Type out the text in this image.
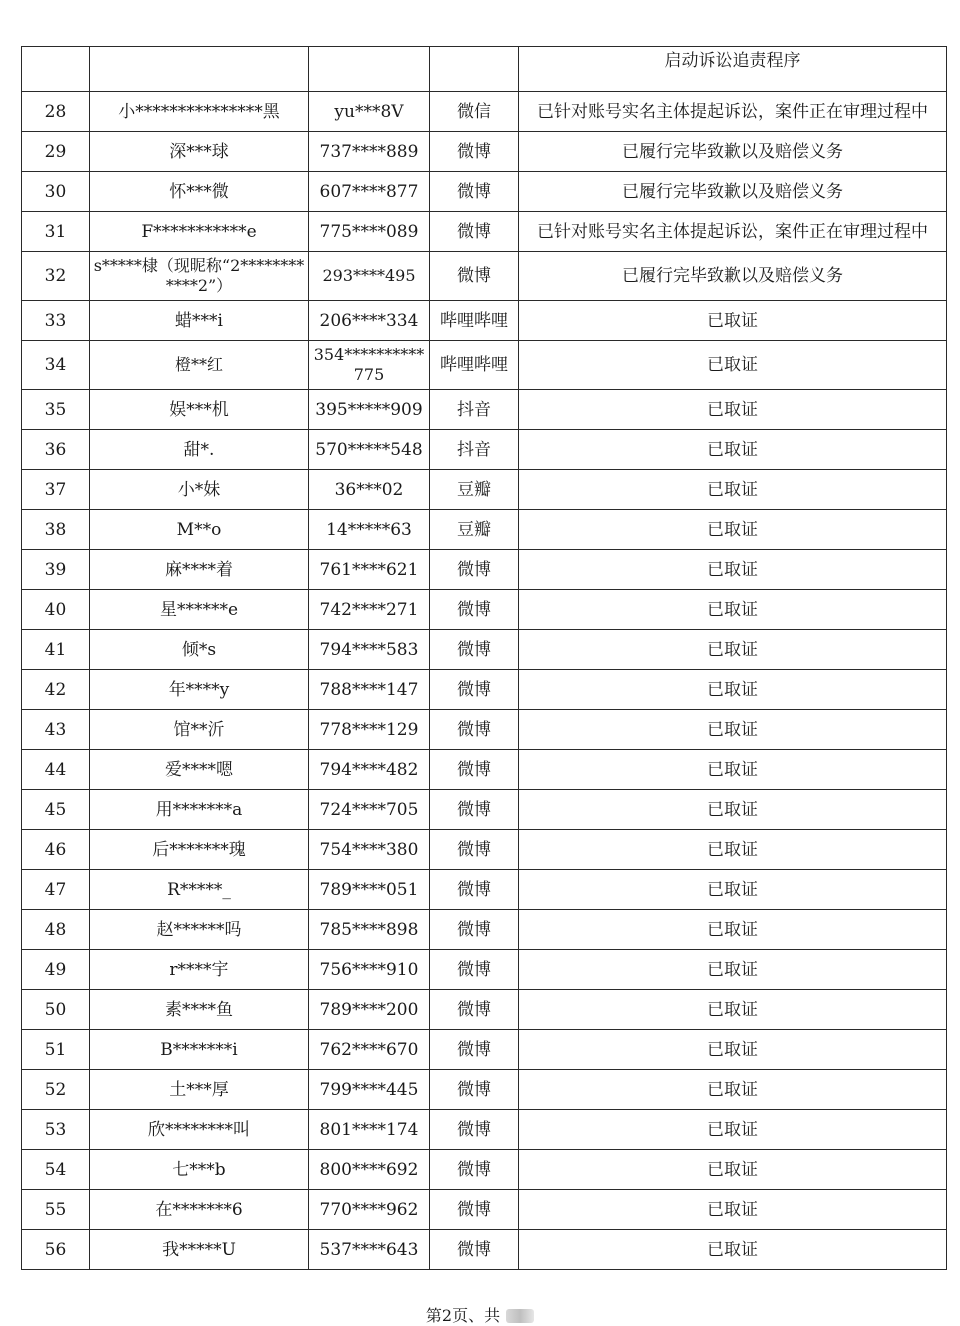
				启动诉讼追责程序
28	小***************黑	yu***8V	微信	已针对账号实名主体提起诉讼，案件正在审理过程中
29	深***球	737****889	微博	已履行完毕致歉以及赔偿义务
30	怀***微	607****877	微博	已履行完毕致歉以及赔偿义务
31	F***********e	775****089	微博	已针对账号实名主体提起诉讼，案件正在审理过程中
32	s*****棣（现昵称“2************2”）	293****495	微博	已履行完毕致歉以及赔偿义务
33	蜡***i	206****334	哔哩哔哩	已取证
34	橙**红	354**********775	哔哩哔哩	已取证
35	娱***机	395*****909	抖音	已取证
36	甜*.	570*****548	抖音	已取证
37	小*妹	36***02	豆瓣	已取证
38	M**o	14*****63	豆瓣	已取证
39	麻****着	761****621	微博	已取证
40	星******e	742****271	微博	已取证
41	倾*s	794****583	微博	已取证
42	年****y	788****147	微博	已取证
43	馆**沂	778****129	微博	已取证
44	爱****嗯	794****482	微博	已取证
45	用*******a	724****705	微博	已取证
46	后*******瑰	754****380	微博	已取证
47	R*****_	789****051	微博	已取证
48	赵******吗	785****898	微博	已取证
49	r****宇	756****910	微博	已取证
50	素****鱼	789****200	微博	已取证
51	B*******i	762****670	微博	已取证
52	土***厚	799****445	微博	已取证
53	欣********叫	801****174	微博	已取证
54	七***b	800****692	微博	已取证
55	在*******6	770****962	微博	已取证
56	我*****U	537****643	微博	已取证
第2页、共
